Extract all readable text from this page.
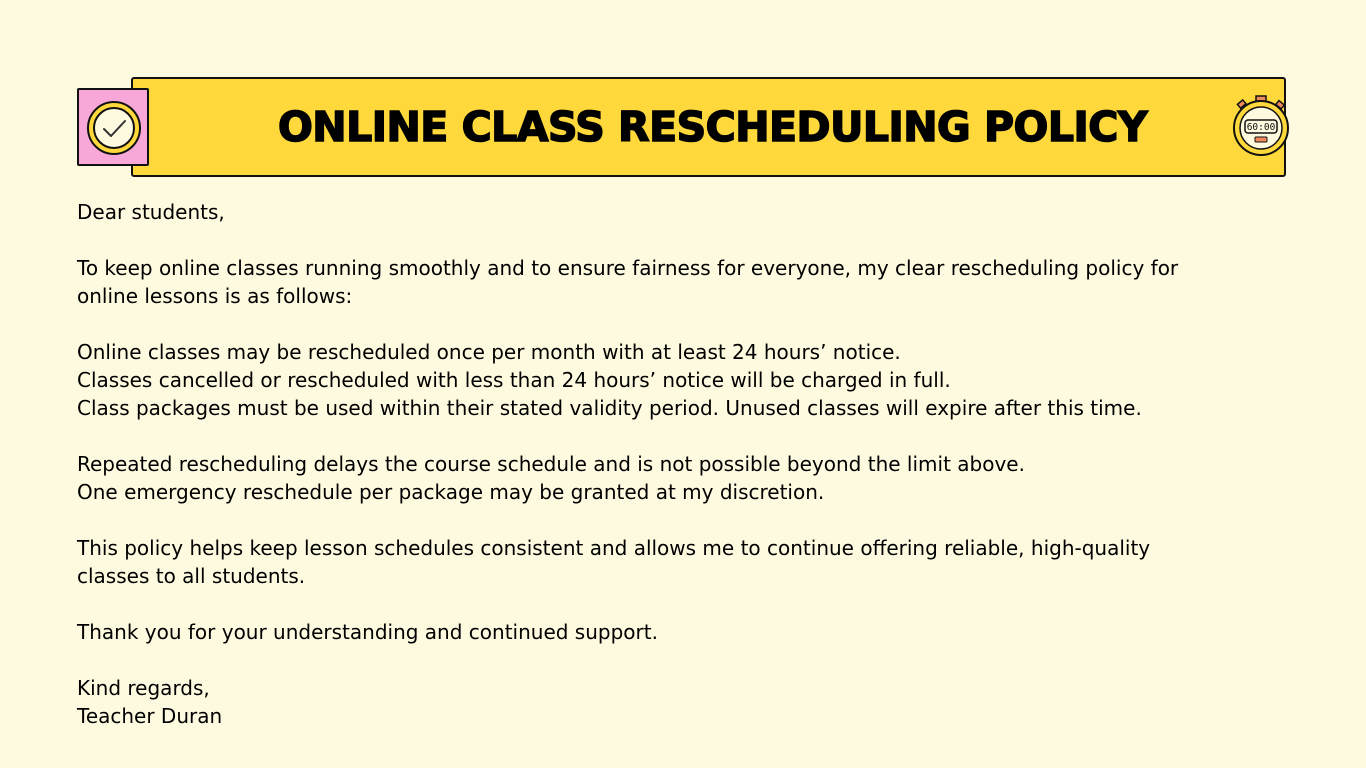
ONLINE CLASS RESCHEDULING POLICY	60:00

Dear students,

To keep online classes running smoothly and to ensure fairness for everyone, my clear rescheduling policy for

online lessons is as follows:

Online classes may be rescheduled once per month with at least 24 hours’ notice.

Classes cancelled or rescheduled with less than 24 hours’ notice will be charged in full.

Class packages must be used within their stated validity period. Unused classes will expire after this time.

Repeated rescheduling delays the course schedule and is not possible beyond the limit above.

One emergency reschedule per package may be granted at my discretion.

This policy helps keep lesson schedules consistent and allows me to continue offering reliable, high-quality

classes to all students.

Thank you for your understanding and continued support.

Kind regards,

Teacher Duran
